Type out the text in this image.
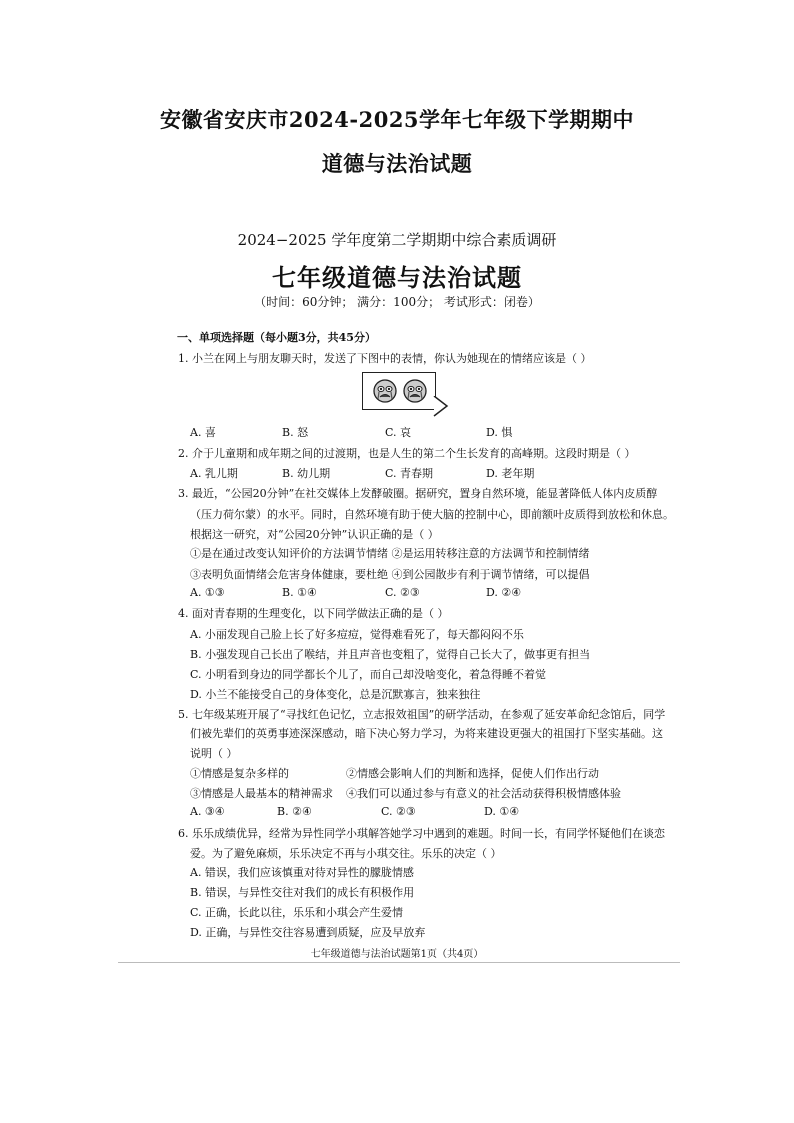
安徽省安庆市2024-2025学年七年级下学期期中
道德与法治试题
2024−2025 学年度第二学期期中综合素质调研
七年级道德与法治试题
（时间：60分钟； 满分：100分； 考试形式：闭卷）
一、单项选择题（每小题3分，共45分）
1. 小兰在网上与朋友聊天时，发送了下图中的表情，你认为她现在的情绪应该是（ ）
A. 喜	B. 怒	C. 哀	D. 惧
2. 介于儿童期和成年期之间的过渡期，也是人生的第二个生长发育的高峰期。这段时期是（ ）
A. 乳儿期	B. 幼儿期	C. 青春期	D. 老年期
3. 最近，“公园20分钟”在社交媒体上发酵破圈。据研究，置身自然环境，能显著降低人体内皮质醇
（压力荷尔蒙）的水平。同时，自然环境有助于使大脑的控制中心，即前额叶皮质得到放松和休息。
根据这一研究，对“公园20分钟”认识正确的是（ ）
①是在通过改变认知评价的方法调节情绪 ②是运用转移注意的方法调节和控制情绪
③表明负面情绪会危害身体健康，要杜绝 ④到公园散步有利于调节情绪，可以提倡
A. ①③	B. ①④	C. ②③	D. ②④
4. 面对青春期的生理变化，以下同学做法正确的是（ ）
A. 小丽发现自己脸上长了好多痘痘，觉得难看死了，每天都闷闷不乐
B. 小强发现自己长出了喉结，并且声音也变粗了，觉得自己长大了，做事更有担当
C. 小明看到身边的同学都长个儿了，而自己却没啥变化，着急得睡不着觉
D. 小兰不能接受自己的身体变化，总是沉默寡言，独来独往
5. 七年级某班开展了“寻找红色记忆，立志报效祖国”的研学活动，在参观了延安革命纪念馆后，同学
们被先辈们的英勇事迹深深感动，暗下决心努力学习，为将来建设更强大的祖国打下坚实基础。这
说明（ ）
①情感是复杂多样的	②情感会影响人们的判断和选择，促使人们作出行动
③情感是人最基本的精神需求 ④我们可以通过参与有意义的社会活动获得积极情感体验
A. ③④	B. ②④	C. ②③	D. ①④
6. 乐乐成绩优异，经常为异性同学小琪解答她学习中遇到的难题。时间一长，有同学怀疑他们在谈恋
爱。为了避免麻烦，乐乐决定不再与小琪交往。乐乐的决定（ ）
A. 错误，我们应该慎重对待对异性的朦胧情感
B. 错误，与异性交往对我们的成长有积极作用
C. 正确，长此以往，乐乐和小琪会产生爱情
D. 正确，与异性交往容易遭到质疑，应及早放弃
七年级道德与法治试题第1页（共4页）
